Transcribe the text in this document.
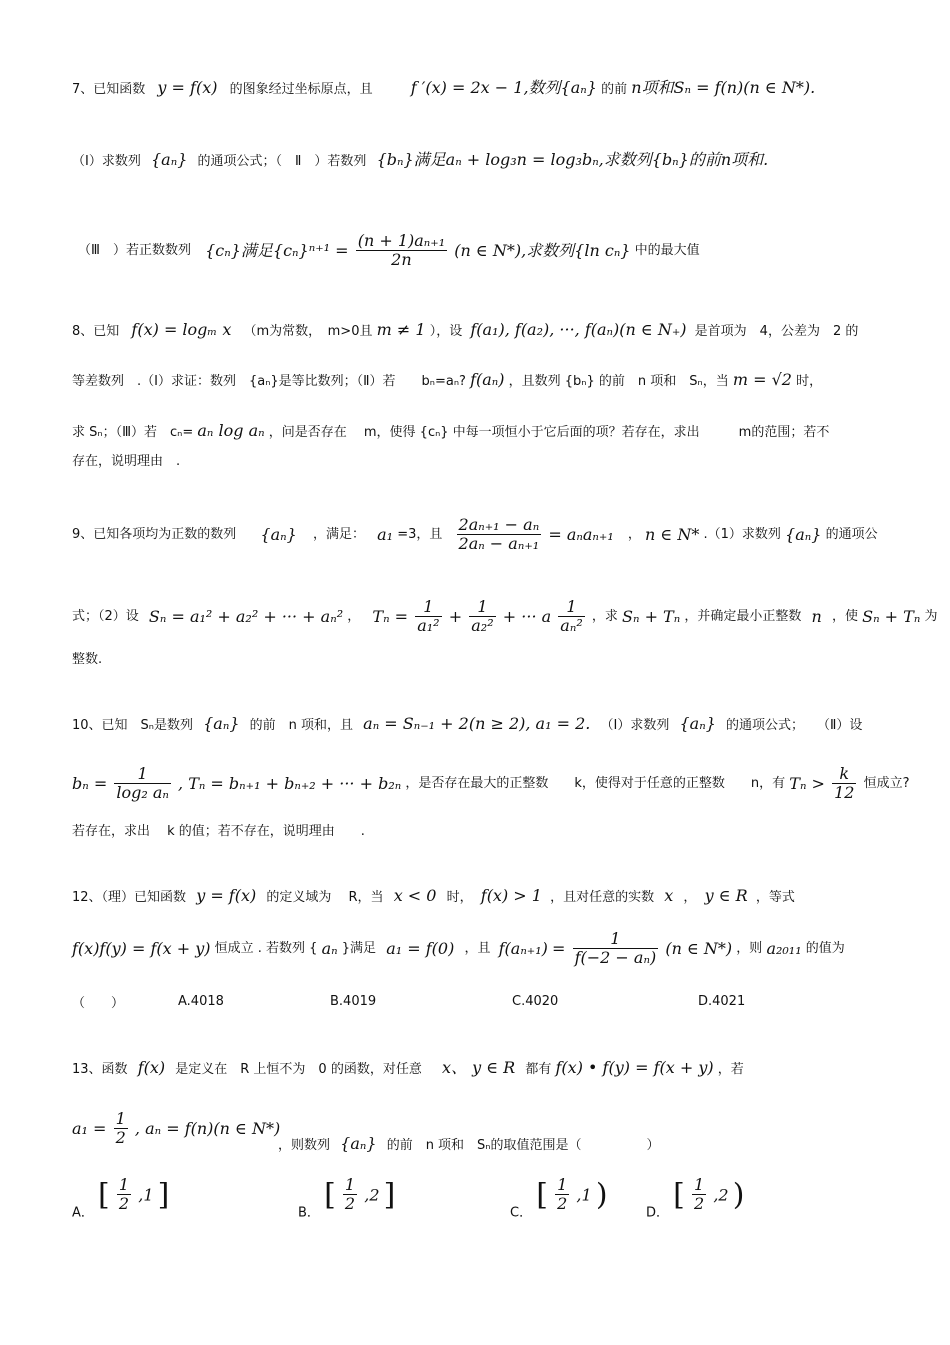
7、已知函数 y = f(x) 的图象经过坐标原点，且 f ′(x) = 2x − 1,数列{aₙ} 的前 n项和Sₙ = f(n)(n ∈ N*).
（Ⅰ）求数列 {aₙ} 的通项公式；（　Ⅱ　）若数列 {bₙ}满足aₙ + log₃n = log₃bₙ,求数列{bₙ}的前n项和.
（Ⅲ　）若正数数列 {cₙ}满足$\{c_n\}^{n+1} = \frac{\text{(n + 1)aₙ₊₁}}{2n} (n$ ∈ N*),求数列{ln cₙ} 中的最大值
8、已知 f(x) = logₘ x （m为常数，　m>0且 m ≠ 1 ），设 f(a₁), f(a₂), ···, f(aₙ)(n ∈ N₊) 是首项为　4，公差为　2 的
等差数列　.（Ⅰ）求证：数列　{aₙ}是等比数列；（Ⅱ）若　　bₙ=aₙ? f(aₙ) ，且数列 {bₙ} 的前　n 项和　Sₙ，当 m = √2 时，
求 Sₙ；（Ⅲ）若　cₙ= aₙ log aₙ ，问是否存在　 m，使得 {cₙ} 中每一项恒小于它后面的项？若存在，求出　　　m的范围；若不
存在，说明理由　.
9、已知各项均为正数的数列 {aₙ} ，满足： a₁ =3，且 $\frac{\text{2aₙ₊₁ − aₙ}}{\text{2aₙ − aₙ₊₁}} = a_na_{n+1}$ ， n ∈ N* .（1）求数列 {aₙ} 的通项公
式；（2）设 Sₙ = a₁² + a₂² + ··· + aₙ² ， $T_n = \frac{1}{\text{a₁²}} + \frac{1}{\text{a₂²}}$ + ··· a $\frac{1}{\text{aₙ²}}$ ，求 Sₙ + Tₙ ，并确定最小正整数 n ，使 Sₙ + Tₙ 为
整数.
10、已知　Sₙ是数列 {aₙ} 的前　n 项和，且 aₙ = Sₙ₋₁ + 2(n ≥ 2), a₁ = 2. （Ⅰ）求数列 {aₙ} 的通项公式；　　（Ⅱ）设
$b_n = \frac{1}{\text{log₂ aₙ}}$ , Tₙ = bₙ₊₁ + bₙ₊₂ + ··· + b₂ₙ ，是否存在最大的正整数　　k，使得对于任意的正整数　　n，有 $T_n > \frac{k}{12}$ 恒成立?
若存在，求出　 k 的值；若不存在，说明理由　　.
12、（理）已知函数 y = f(x) 的定义域为　 R，当 x < 0 时， f(x) > 1 ，且对任意的实数 x ， y ∈ R ，等式
f(x)f(y) = f(x + y) 恒成立 . 若数列 { aₙ }满足 a₁ = f(0) ，且 $f(a_{n+1}) = \frac{1}{\text{f(−2 − aₙ)}} (n$ ∈ N*) ，则 a₂₀₁₁ 的值为
（　　）	A.4018	B.4019	C.4020	D.4021
13、函数 f(x) 是定义在　R 上恒不为　0 的函数，对任意 x、 y ∈ R 都有 f(x) • f(y) = f(x + y) ，若
$a_1 = \frac{1}{2}$ , aₙ = f(n)(n ∈ N*)
，则数列 {aₙ} 的前　n 项和　Sₙ的取值范围是（　　　　　）
A． [ $\frac{1}{2} ,1$ ]
B． [ $\frac{1}{2} ,2$ ]
C． [ $\frac{1}{2} ,1$ )
D． [ $\frac{1}{2} ,2$ )
